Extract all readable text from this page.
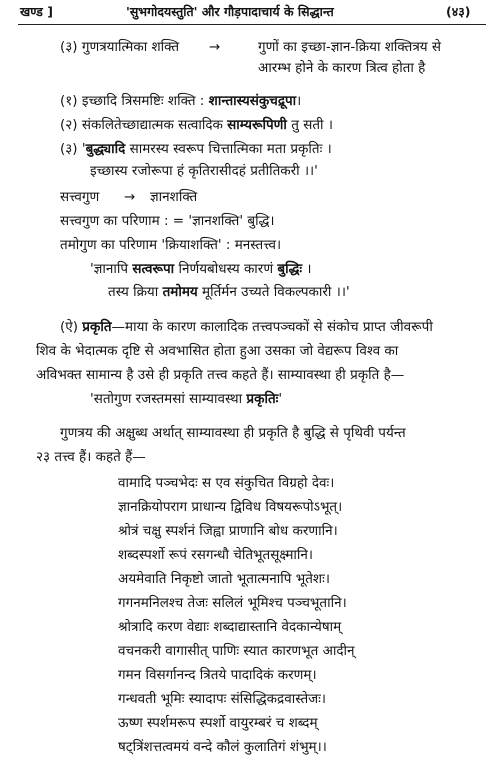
खण्ड ]	'सुभगोदयस्तुति' और गौड़पादाचार्य के सिद्धान्त	(४३)
(३) गुणत्रयात्मिका शक्ति →	गुणों का इच्छा-ज्ञान-क्रिया शक्तित्रय से
आरम्भ होने के कारण त्रित्व होता है
(१) इच्छादि त्रिसमष्टिः शक्ति : शान्तास्यसंकुचद्रूपा।
(२) संकलितेच्छाद्यात्मक सत्वादिक साम्यरूपिणी तु सती ।
(३) 'बुद्ध्यादि सामरस्य स्वरूप चित्तात्मिका मता प्रकृतिः ।
इच्छास्य रजोरूपा हं कृतिरासीदहं प्रतीतिकरी ।।'
सत्त्वगुण → ज्ञानशक्ति
सत्त्वगुण का परिणाम : = 'ज्ञानशक्ति' बुद्धि।
तमोगुण का परिणाम 'क्रियाशक्ति' : मनस्तत्त्व।
'ज्ञानापि सत्वरूपा निर्णयबोधस्य कारणं बुद्धिः ।
तस्य क्रिया तमोमय मूर्तिर्मन उच्यते विकल्पकारी ।।'
(ऐ) प्रकृति—माया के कारण कालादिक तत्त्वपञ्चकों से संकोच प्राप्त जीवरूपी
शिव के भेदात्मक दृष्टि से अवभासित होता हुआ उसका जो वेद्यरूप विश्व का
अविभक्त सामान्य है उसे ही प्रकृति तत्त्व कहते हैं। साम्यावस्था ही प्रकृति है—
'सतोगुण रजस्तमसां साम्यावस्था प्रकृतिः'
गुणत्रय की अक्षुब्ध अर्थात् साम्यावस्था ही प्रकृति है बुद्धि से पृथिवी पर्यन्त
२३ तत्त्व हैं। कहते हैं—
वामादि पञ्चभेदः स एव संकुचित विग्रहो देवः।
ज्ञानक्रियोपराग प्राधान्य द्विविध विषयरूपोऽभूत्।
श्रोत्रं चक्षु स्पर्शनं जिह्वा प्राणानि बोध करणानि।
शब्दस्पर्शो रूपं रसगन्धौ चेतिभूतसूक्ष्मानि।
अयमेवाति निकृष्टो जातो भूतात्मनापि भूतेशः।
गगनमनिलश्च तेजः सलिलं भूमिश्च पञ्चभूतानि।
श्रोत्रादि करण वेद्याः शब्दाद्यास्तानि वेदकान्येषाम्
वचनकरी वागासीत् पाणिः स्यात कारणभूत आदीन्
गमन विसर्गानन्द त्रितये पादादिकं करणम्।
गन्धवती भूमिः स्यादापः संसिद्धिकद्रवास्तेजः।
ऊष्ण स्पर्शमरूप स्पर्शो वायुरम्बरं च शब्दम्
षट्त्रिंशत्तत्वमयं वन्दे कौलं कुलातिगं शंभुम्।।
